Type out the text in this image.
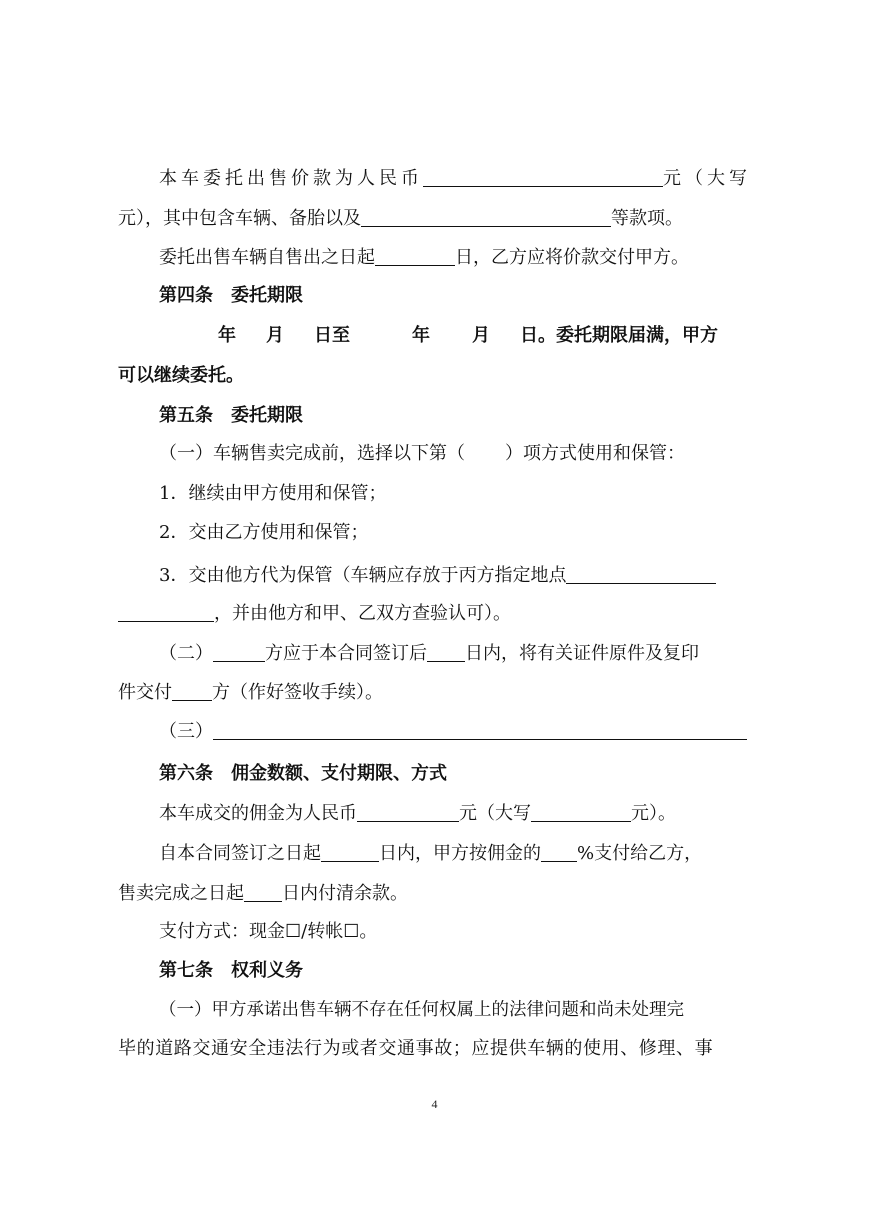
本车委托出售价款为人民币	元（大写
元），其中包含车辆、备胎以及	等款项。
委托出售车辆自售出之日起	日，乙方应将价款交付甲方。
第四条　委托期限
年 月 日至	年 月 日。委托期限届满，甲方
可以继续委托。
第五条　委托期限
（一）车辆售卖完成前，选择以下第（ ）项方式使用和保管：
1．继续由甲方使用和保管；
2．交由乙方使用和保管；
3．交由他方代为保管（车辆应存放于丙方指定地点
，并由他方和甲、乙双方查验认可）。
（二）	方应于本合同签订后 日内，将有关证件原件及复印
件交付 方（作好签收手续）。
（三）
第六条　佣金数额、支付期限、方式
本车成交的佣金为人民币	元（大写	元）。
自本合同签订之日起	日内，甲方按佣金的 %支付给乙方，
售卖完成之日起 日内付清余款。
支付方式：现金☐/转帐☐。
第七条　权利义务
（一）甲方承诺出售车辆不存在任何权属上的法律问题和尚未处理完
毕的道路交通安全违法行为或者交通事故；应提供车辆的使用、修理、事
4
